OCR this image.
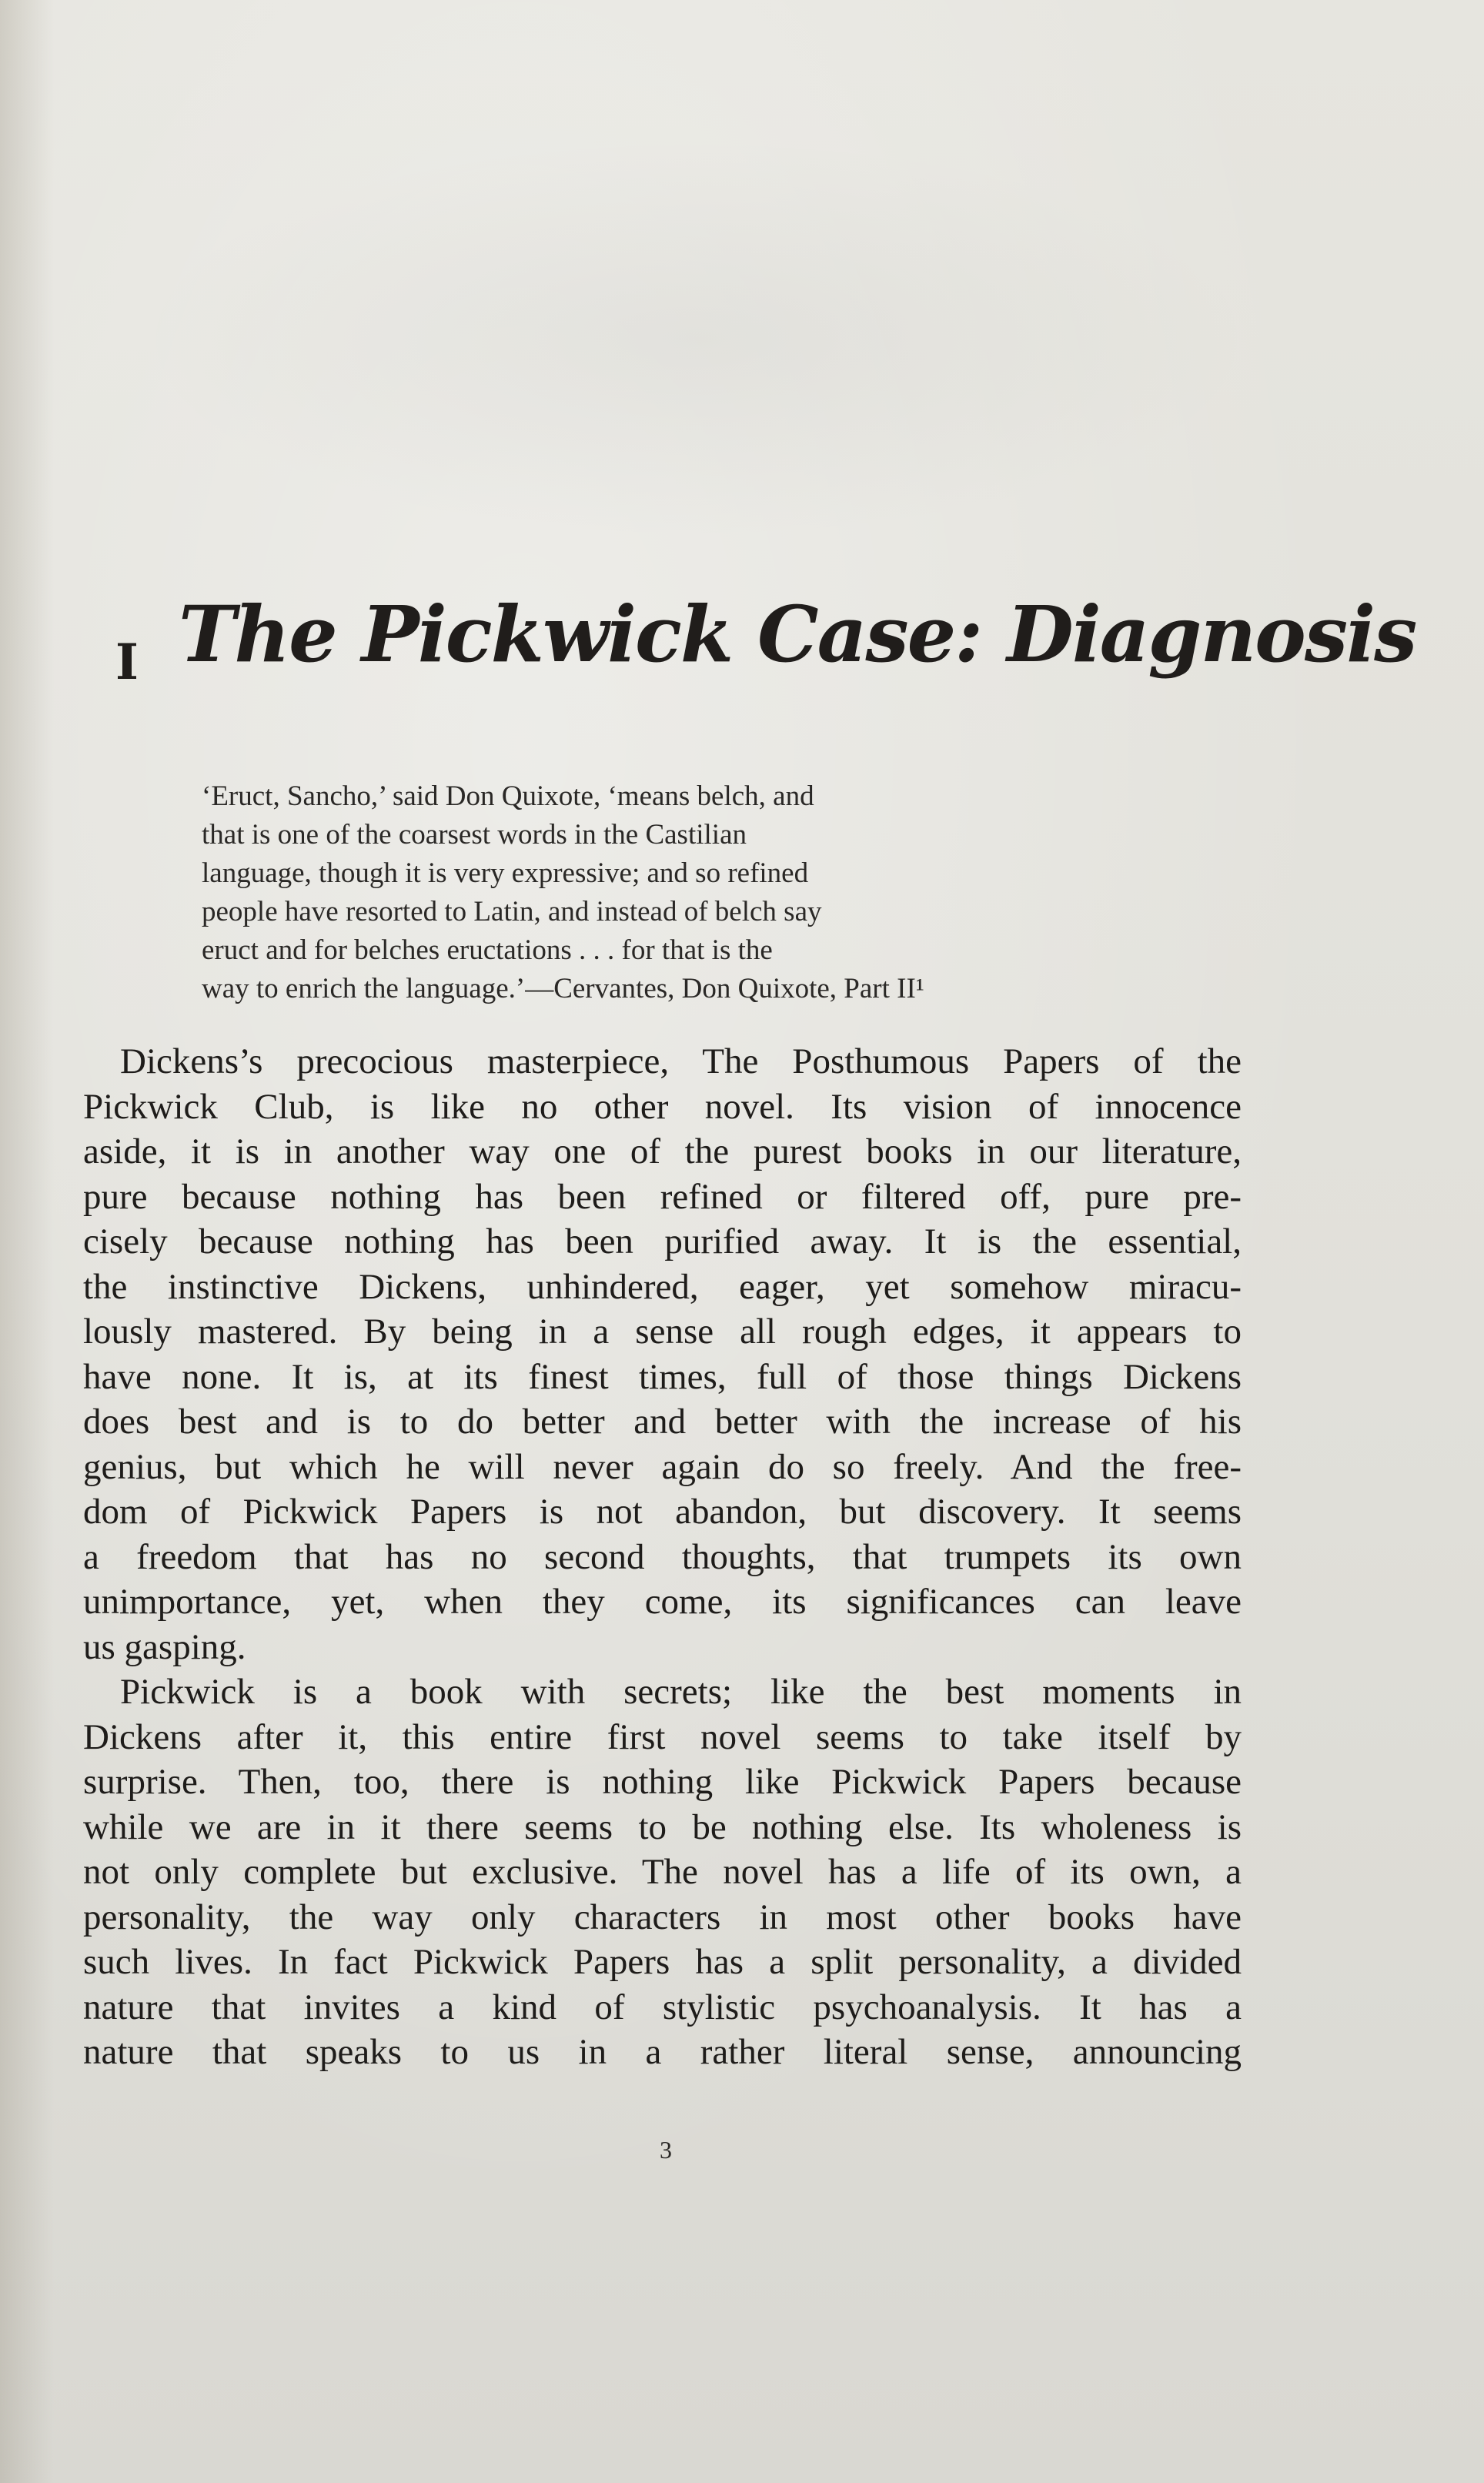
I The Pickwick Case: Diagnosis
‘Eruct, Sancho,’ said Don Quixote, ‘means belch, and
that is one of the coarsest words in the Castilian
language, though it is very expressive; and so refined
people have resorted to Latin, and instead of belch say
eruct and for belches eructations . . . for that is the
way to enrich the language.’—Cervantes, Don Quixote, Part II¹
Dickens’s precocious masterpiece, The Posthumous Papers of the
Pickwick Club, is like no other novel. Its vision of innocence
aside, it is in another way one of the purest books in our literature,
pure because nothing has been refined or filtered off, pure pre-
cisely because nothing has been purified away. It is the essential,
the instinctive Dickens, unhindered, eager, yet somehow miracu-
lously mastered. By being in a sense all rough edges, it appears to
have none. It is, at its finest times, full of those things Dickens
does best and is to do better and better with the increase of his
genius, but which he will never again do so freely. And the free-
dom of Pickwick Papers is not abandon, but discovery. It seems
a freedom that has no second thoughts, that trumpets its own
unimportance, yet, when they come, its significances can leave
us gasping.
Pickwick is a book with secrets; like the best moments in
Dickens after it, this entire first novel seems to take itself by
surprise. Then, too, there is nothing like Pickwick Papers because
while we are in it there seems to be nothing else. Its wholeness is
not only complete but exclusive. The novel has a life of its own, a
personality, the way only characters in most other books have
such lives. In fact Pickwick Papers has a split personality, a divided
nature that invites a kind of stylistic psychoanalysis. It has a
nature that speaks to us in a rather literal sense, announcing
3
